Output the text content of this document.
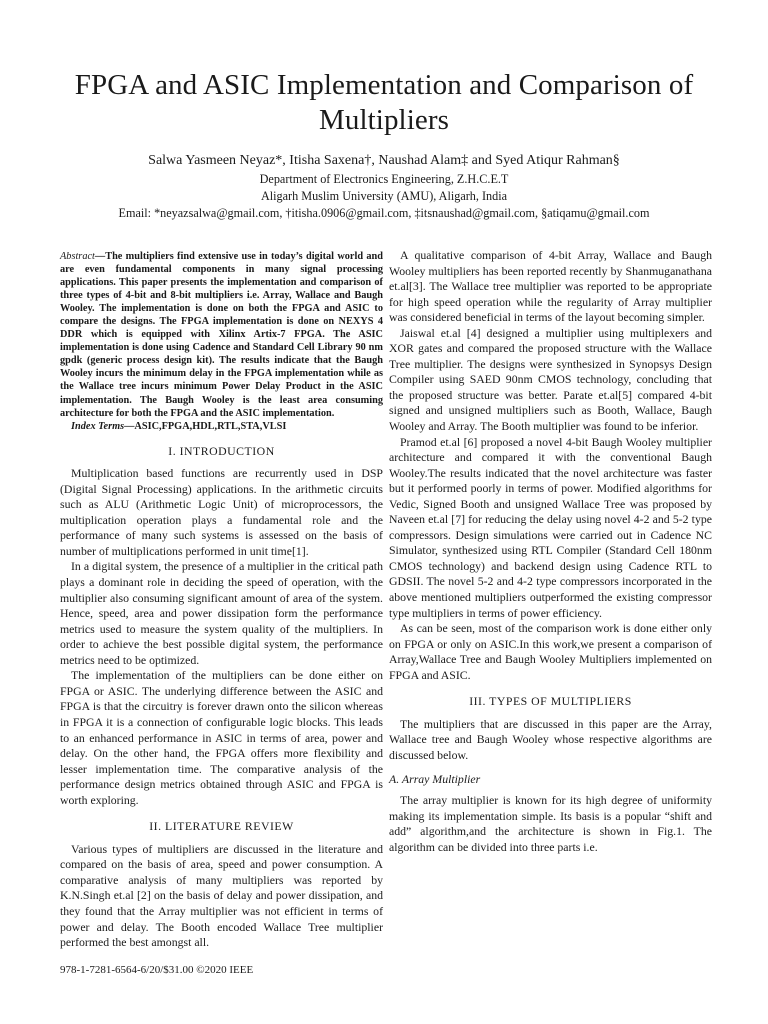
FPGA and ASIC Implementation and Comparison of Multipliers
Salwa Yasmeen Neyaz*, Itisha Saxena†, Naushad Alam‡ and Syed Atiqur Rahman§
Department of Electronics Engineering, Z.H.C.E.T
Aligarh Muslim University (AMU), Aligarh, India
Email: *neyazsalwa@gmail.com, †itisha.0906@gmail.com, ‡itsnaushad@gmail.com, §atiqamu@gmail.com

Abstract—The multipliers find extensive use in today’s digital world and are even fundamental components in many signal processing applications. This paper presents the implementation and comparison of three types of 4-bit and 8-bit multipliers i.e. Array, Wallace and Baugh Wooley. The implementation is done on both the FPGA and ASIC to compare the designs. The FPGA implementation is done on NEXYS 4 DDR which is equipped with Xilinx Artix-7 FPGA. The ASIC implementation is done using Cadence and Standard Cell Library 90 nm gpdk (generic process design kit). The results indicate that the Baugh Wooley incurs the minimum delay in the FPGA implementation while as the Wallace tree incurs minimum Power Delay Product in the ASIC implementation. The Baugh Wooley is the least area consuming architecture for both the FPGA and the ASIC implementation.

Index Terms—ASIC,FPGA,HDL,RTL,STA,VLSI

I. INTRODUCTION

Multiplication based functions are recurrently used in DSP (Digital Signal Processing) applications. In the arithmetic circuits such as ALU (Arithmetic Logic Unit) of microprocessors, the multiplication operation plays a fundamental role and the performance of many such systems is assessed on the basis of number of multiplications performed in unit time[1].

In a digital system, the presence of a multiplier in the critical path plays a dominant role in deciding the speed of operation, with the multiplier also consuming significant amount of area of the system. Hence, speed, area and power dissipation form the performance metrics used to measure the system quality of the multipliers. In order to achieve the best possible digital system, the performance metrics need to be optimized.

The implementation of the multipliers can be done either on FPGA or ASIC. The underlying difference between the ASIC and FPGA is that the circuitry is forever drawn onto the silicon whereas in FPGA it is a connection of configurable logic blocks. This leads to an enhanced performance in ASIC in terms of area, power and delay. On the other hand, the FPGA offers more flexibility and lesser implementation time. The comparative analysis of the performance design metrics obtained through ASIC and FPGA is worth exploring.

II. LITERATURE REVIEW

Various types of multipliers are discussed in the literature and compared on the basis of area, speed and power consumption. A comparative analysis of many multipliers was reported by K.N.Singh et.al [2] on the basis of delay and power dissipation, and they found that the Array multiplier was not efficient in terms of power and delay. The Booth encoded Wallace Tree multiplier performed the best amongst all.

A qualitative comparison of 4-bit Array, Wallace and Baugh Wooley multipliers has been reported recently by Shanmuganathana et.al[3]. The Wallace tree multiplier was reported to be appropriate for high speed operation while the regularity of Array multiplier was considered beneficial in terms of the layout becoming simpler.

Jaiswal et.al [4] designed a multiplier using multiplexers and XOR gates and compared the proposed structure with the Wallace Tree multiplier. The designs were synthesized in Synopsys Design Compiler using SAED 90nm CMOS technology, concluding that the proposed structure was better. Parate et.al[5] compared 4-bit signed and unsigned multipliers such as Booth, Wallace, Baugh Wooley and Array. The Booth multiplier was found to be inferior.

Pramod et.al [6] proposed a novel 4-bit Baugh Wooley multiplier architecture and compared it with the conventional Baugh Wooley.The results indicated that the novel architecture was faster but it performed poorly in terms of power. Modified algorithms for Vedic, Signed Booth and unsigned Wallace Tree was proposed by Naveen et.al [7] for reducing the delay using novel 4-2 and 5-2 type compressors. Design simulations were carried out in Cadence NC Simulator, synthesized using RTL Compiler (Standard Cell 180nm CMOS technology) and backend design using Cadence RTL to GDSII. The novel 5-2 and 4-2 type compressors incorporated in the above mentioned multipliers outperformed the existing compressor type multipliers in terms of power efficiency.

As can be seen, most of the comparison work is done either only on FPGA or only on ASIC.In this work,we present a comparison of Array,Wallace Tree and Baugh Wooley Multipliers implemented on FPGA and ASIC.

III. TYPES OF MULTIPLIERS

The multipliers that are discussed in this paper are the Array, Wallace tree and Baugh Wooley whose respective algorithms are discussed below.

A. Array Multiplier

The array multiplier is known for its high degree of uniformity making its implementation simple. Its basis is a popular “shift and add” algorithm,and the architecture is shown in Fig.1. The algorithm can be divided into three parts i.e.

978-1-7281-6564-6/20/$31.00 ©2020 IEEE
